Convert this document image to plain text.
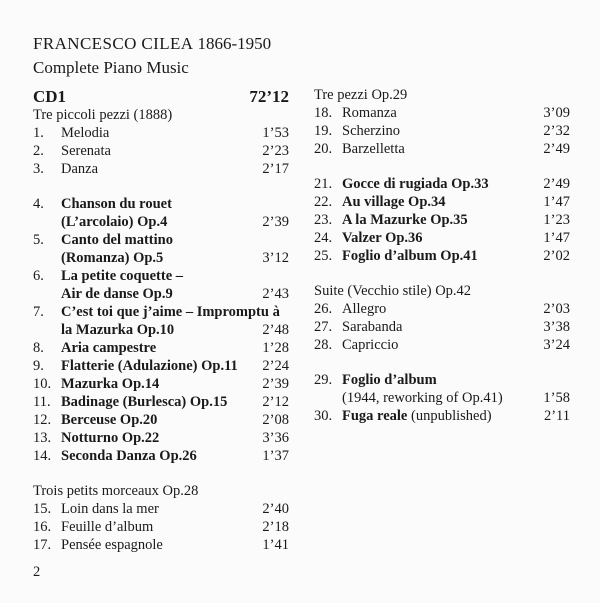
FRANCESCO CILEA 1866-1950
Complete Piano Music
CD1	72’12
Tre piccoli pezzi (1888)
1.	Melodia	1’53
2.	Serenata	2’23
3.	Danza	2’17
4.	Chanson du rouet
(L’arcolaio) Op.4	2’39
5.	Canto del mattino
(Romanza) Op.5	3’12
6.	La petite coquette –
Air de danse Op.9	2’43
7.	C’est toi que j’aime – Impromptu à
la Mazurka Op.10	2’48
8.	Aria campestre	1’28
9.	Flatterie (Adulazione) Op.11 2’24
10. Mazurka Op.14	2’39
11. Badinage (Burlesca) Op.15 2’12
12. Berceuse Op.20	2’08
13. Notturno Op.22	3’36
14. Seconda Danza Op.26	1’37
Trois petits morceaux Op.28
15. Loin dans la mer	2’40
16. Feuille d’album	2’18
17. Pensée espagnole	1’41
Tre pezzi Op.29
18. Romanza	3’09
19. Scherzino	2’32
20. Barzelletta	2’49
21. Gocce di rugiada Op.33	2’49
22. Au village Op.34	1’47
23. A la Mazurke Op.35	1’23
24. Valzer Op.36	1’47
25. Foglio d’album Op.41	2’02
Suite (Vecchio stile) Op.42
26. Allegro	2’03
27. Sarabanda	3’38
28. Capriccio	3’24
29. Foglio d’album
(1944, reworking of Op.41)	1’58
30. Fuga reale
(unpublished)	2’11
2
